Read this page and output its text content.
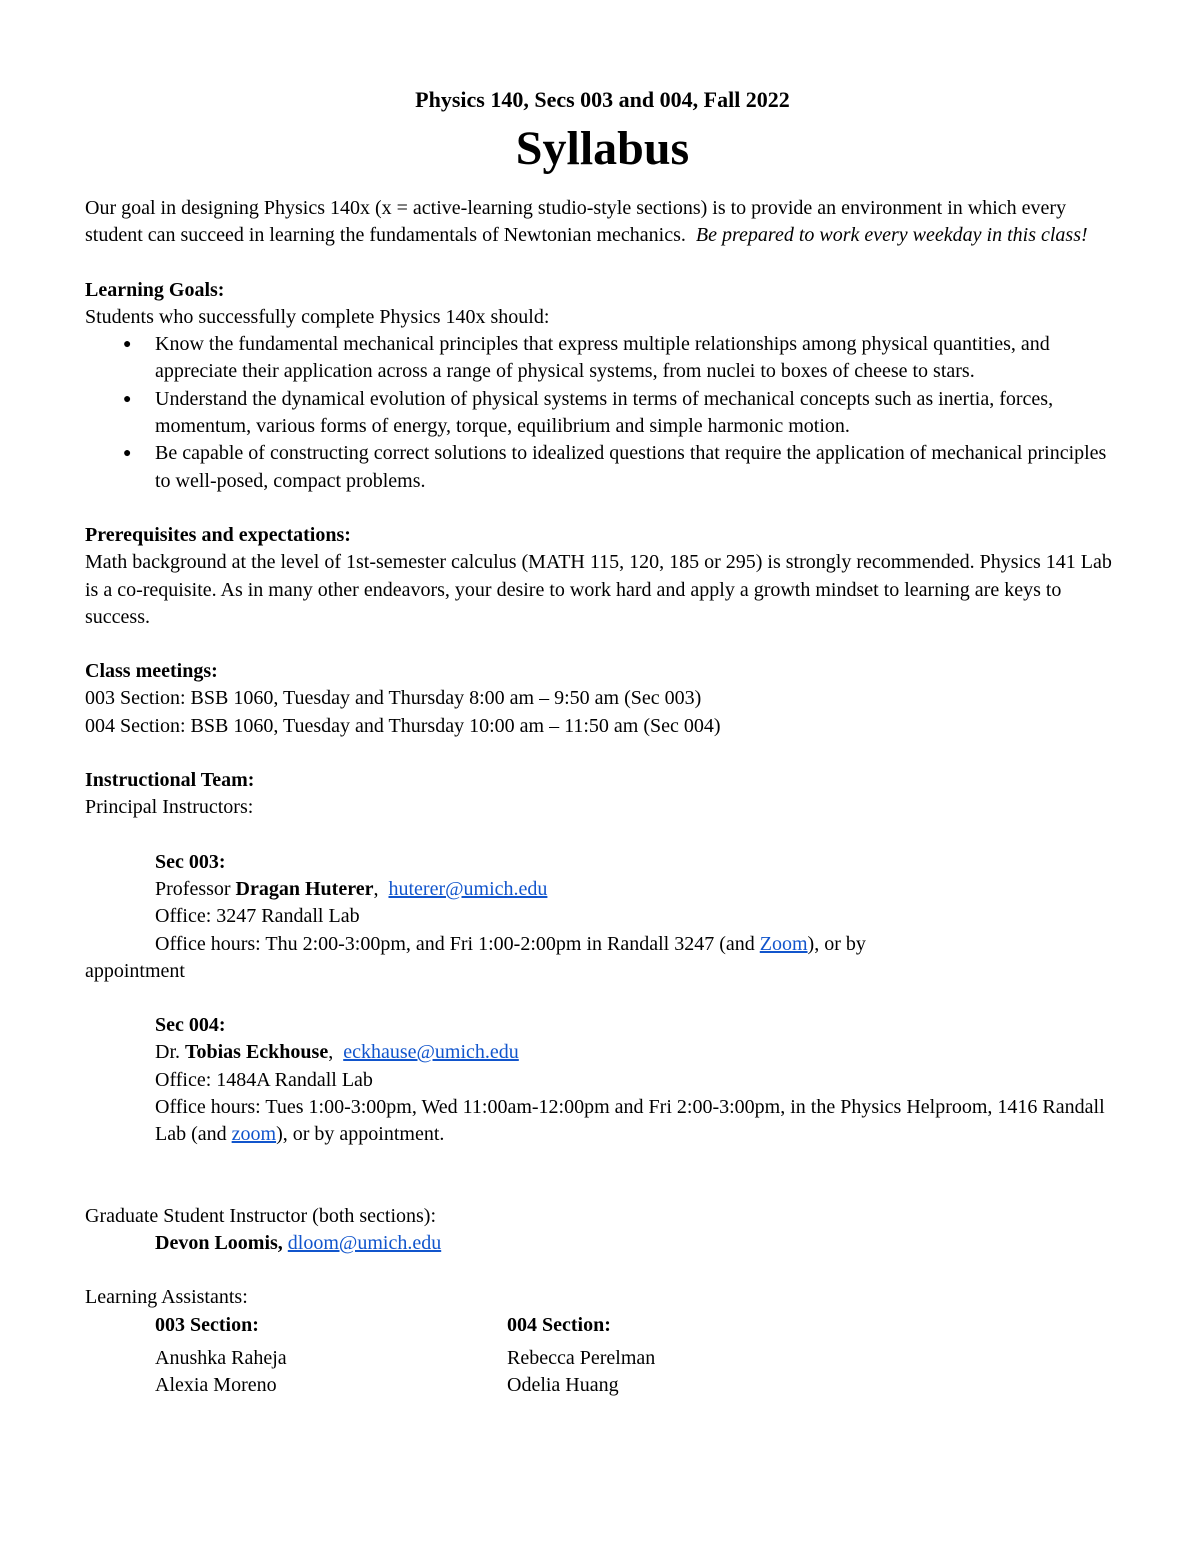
Physics 140, Secs 003 and 004, Fall 2022

Syllabus

Our goal in designing Physics 140x (x = active-learning studio-style sections) is to provide an environment in which every student can succeed in learning the fundamentals of Newtonian mechanics. Be prepared to work every weekday in this class!

Learning Goals:

Students who successfully complete Physics 140x should:

● Know the fundamental mechanical principles that express multiple relationships among physical quantities, and appreciate their application across a range of physical systems, from nuclei to boxes of cheese to stars.
● Understand the dynamical evolution of physical systems in terms of mechanical concepts such as inertia, forces, momentum, various forms of energy, torque, equilibrium and simple harmonic motion.
● Be capable of constructing correct solutions to idealized questions that require the application of mechanical principles to well-posed, compact problems.

Prerequisites and expectations:

Math background at the level of 1st-semester calculus (MATH 115, 120, 185 or 295) is strongly recommended. Physics 141 Lab is a co-requisite. As in many other endeavors, your desire to work hard and apply a growth mindset to learning are keys to success.

Class meetings:

003 Section: BSB 1060, Tuesday and Thursday 8:00 am – 9:50 am (Sec 003)

004 Section: BSB 1060, Tuesday and Thursday 10:00 am – 11:50 am (Sec 004)

Instructional Team:

Principal Instructors:

Sec 003:

Professor Dragan Huterer,  huterer@umich.edu

Office: 3247 Randall Lab

Office hours: Thu 2:00-3:00pm, and Fri 1:00-2:00pm in Randall 3247 (and Zoom), or by

appointment

Sec 004:

Dr. Tobias Eckhouse,  eckhause@umich.edu

Office: 1484A Randall Lab

Office hours: Tues 1:00-3:00pm, Wed 11:00am-12:00pm and Fri 2:00-3:00pm, in the Physics Helproom, 1416 Randall Lab (and zoom), or by appointment.

Graduate Student Instructor (both sections):

Devon Loomis, dloom@umich.edu

Learning Assistants:

003 Section:

Anushka Raheja

Alexia Moreno

004 Section:

Rebecca Perelman

Odelia Huang
